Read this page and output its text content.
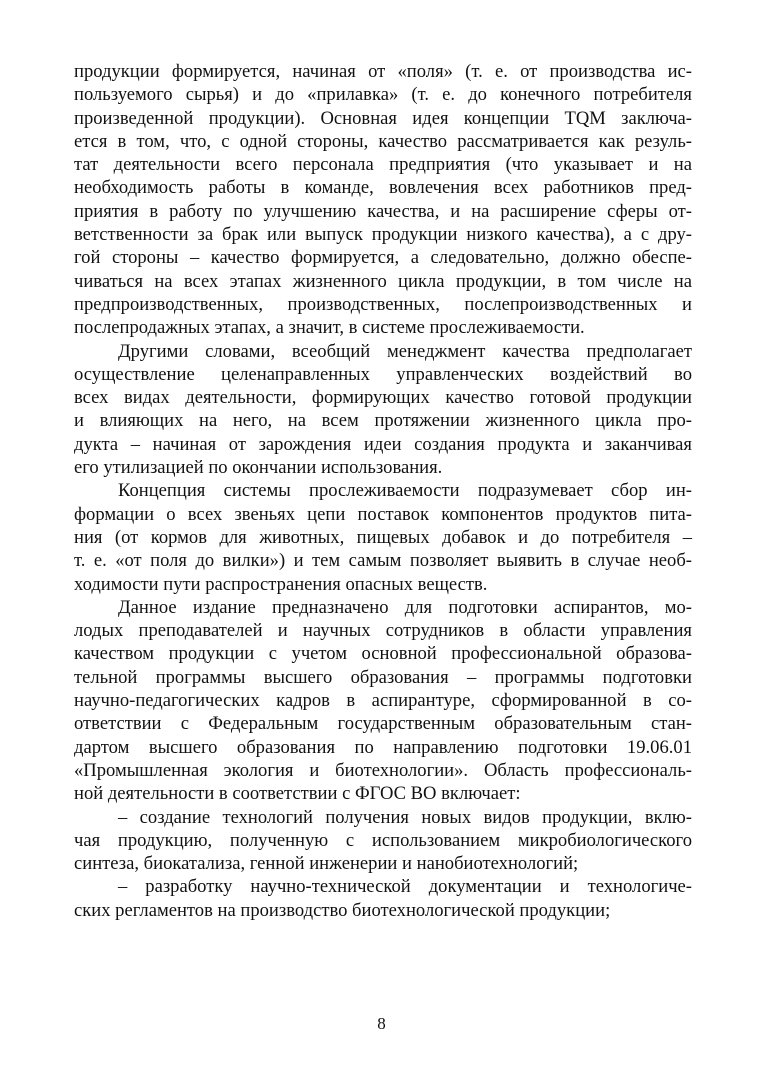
продукции формируется, начиная от «поля» (т. е. от производства ис-
пользуемого сырья) и до «прилавка» (т. е. до конечного потребителя
произведенной продукции). Основная идея концепции TQM заключа-
ется в том, что, с одной стороны, качество рассматривается как резуль-
тат деятельности всего персонала предприятия (что указывает и на
необходимость работы в команде, вовлечения всех работников пред-
приятия в работу по улучшению качества, и на расширение сферы от-
ветственности за брак или выпуск продукции низкого качества), а с дру-
гой стороны – качество формируется, а следовательно, должно обеспе-
чиваться на всех этапах жизненного цикла продукции, в том числе на
предпроизводственных, производственных, послепроизводственных и
послепродажных этапах, а значит, в системе прослеживаемости.
Другими словами, всеобщий менеджмент качества предполагает
осуществление целенаправленных управленческих воздействий во
всех видах деятельности, формирующих качество готовой продукции
и влияющих на него, на всем протяжении жизненного цикла про-
дукта – начиная от зарождения идеи создания продукта и заканчивая
его утилизацией по окончании использования.
Концепция системы прослеживаемости подразумевает сбор ин-
формации о всех звеньях цепи поставок компонентов продуктов пита-
ния (от кормов для животных, пищевых добавок и до потребителя –
т. е. «от поля до вилки») и тем самым позволяет выявить в случае необ-
ходимости пути распространения опасных веществ.
Данное издание предназначено для подготовки аспирантов, мо-
лодых преподавателей и научных сотрудников в области управления
качеством продукции с учетом основной профессиональной образова-
тельной программы высшего образования – программы подготовки
научно-педагогических кадров в аспирантуре, сформированной в со-
ответствии с Федеральным государственным образовательным стан-
дартом высшего образования по направлению подготовки 19.06.01
«Промышленная экология и биотехнологии». Область профессиональ-
ной деятельности в соответствии с ФГОС ВО включает:
– создание технологий получения новых видов продукции, вклю-
чая продукцию, полученную с использованием микробиологического
синтеза, биокатализа, генной инженерии и нанобиотехнологий;
– разработку научно-технической документации и технологиче-
ских регламентов на производство биотехнологической продукции;
8
